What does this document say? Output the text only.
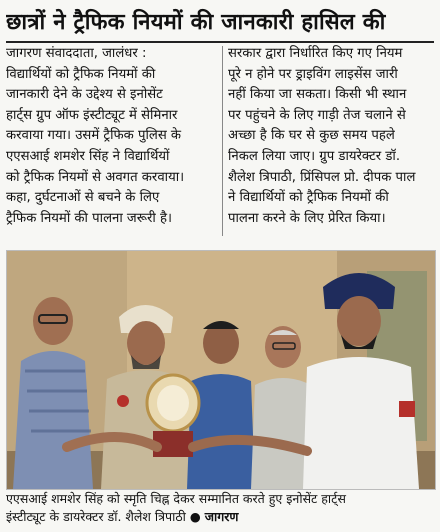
छात्रों ने ट्रैफिक नियमों की जानकारी हासिल की
जागरण संवाददाता, जालंधर :
विद्यार्थियों को ट्रैफिक नियमों की
जानकारी देने के उद्देश्य से इनोसेंट
हार्ट्स ग्रुप ऑफ इंस्टीट्यूट में सेमिनार
करवाया गया। उसमें ट्रैफिक पुलिस के
एएसआई शमशेर सिंह ने विद्यार्थियों
को ट्रैफिक नियमों से अवगत करवाया।
कहा, दुर्घटनाओं से बचने के लिए
ट्रैफिक नियमों की पालना जरूरी है।
सरकार द्वारा निर्धारित किए गए नियम
पूरे न होने पर ड्राइविंग लाइसेंस जारी
नहीं किया जा सकता। किसी भी स्थान
पर पहुंचने के लिए गाड़ी तेज चलाने से
अच्छा है कि घर से कुछ समय पहले
निकल लिया जाए। ग्रुप डायरेक्टर डॉ.
शैलेश त्रिपाठी, प्रिंसिपल प्रो. दीपक पाल
ने विद्यार्थियों को ट्रैफिक नियमों की
पालना करने के लिए प्रेरित किया।
एएसआई शमशेर सिंह को स्मृति चिह्न देकर सम्मानित करते हुए इनोसेंट हार्ट्स
इंस्टीट्यूट के डायरेक्टर डॉ. शैलेश त्रिपाठी ● जागरण
